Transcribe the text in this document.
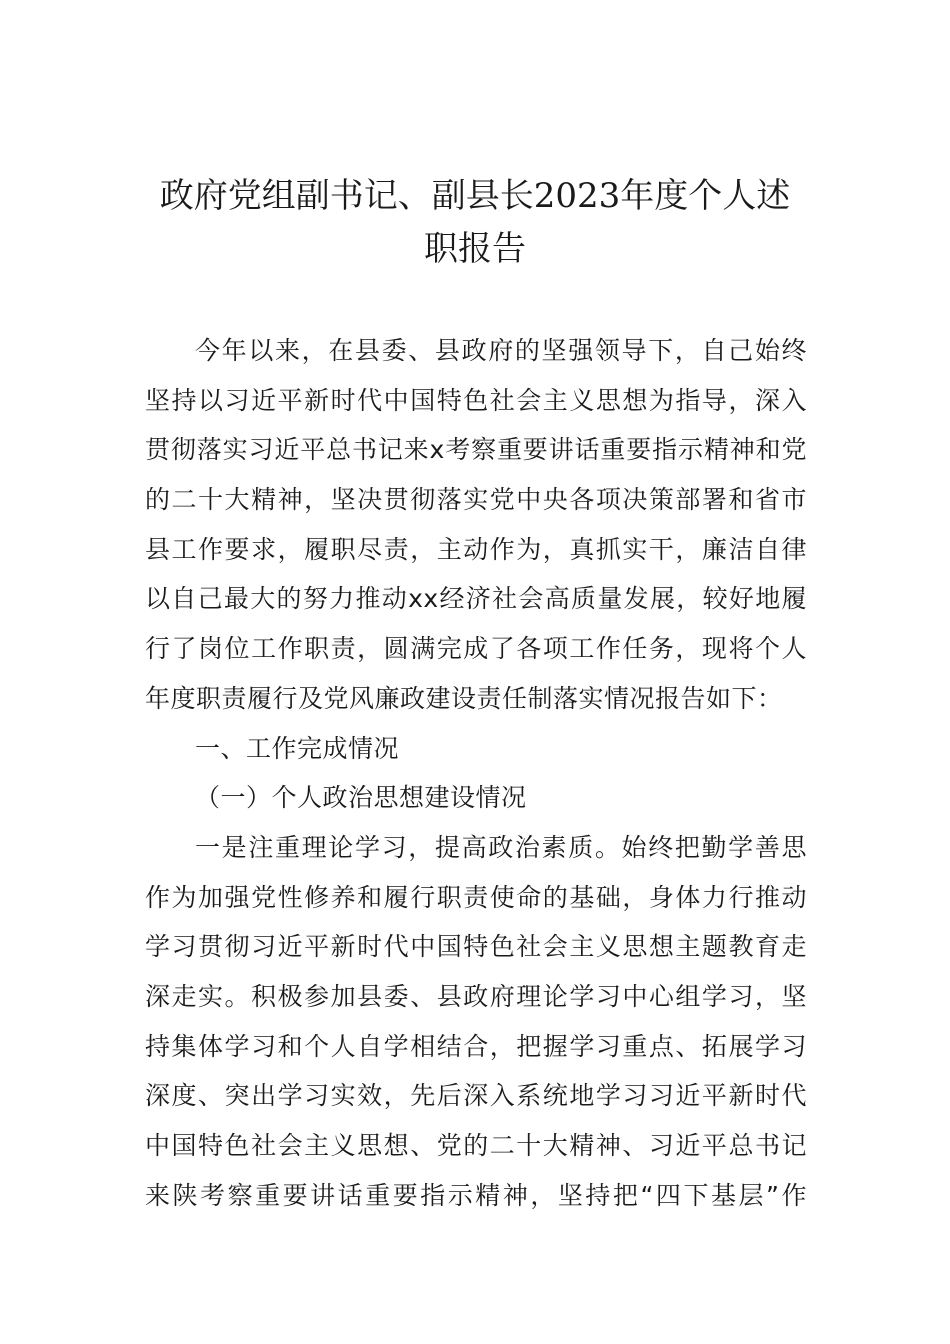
政府党组副书记、副县长2023年度个人述
职报告
今年以来，在县委、县政府的坚强领导下，自己始终
坚持以习近平新时代中国特色社会主义思想为指导，深入
贯彻落实习近平总书记来x考察重要讲话重要指示精神和党
的二十大精神，坚决贯彻落实党中央各项决策部署和省市
县工作要求，履职尽责，主动作为，真抓实干，廉洁自律
以自己最大的努力推动xx经济社会高质量发展，较好地履
行了岗位工作职责，圆满完成了各项工作任务，现将个人
年度职责履行及党风廉政建设责任制落实情况报告如下：
一、工作完成情况
（一）个人政治思想建设情况
一是注重理论学习，提高政治素质。始终把勤学善思
作为加强党性修养和履行职责使命的基础，身体力行推动
学习贯彻习近平新时代中国特色社会主义思想主题教育走
深走实。积极参加县委、县政府理论学习中心组学习，坚
持集体学习和个人自学相结合，把握学习重点、拓展学习
深度、突出学习实效，先后深入系统地学习习近平新时代
中国特色社会主义思想、党的二十大精神、习近平总书记
来陕考察重要讲话重要指示精神，坚持把“四下基层”作
